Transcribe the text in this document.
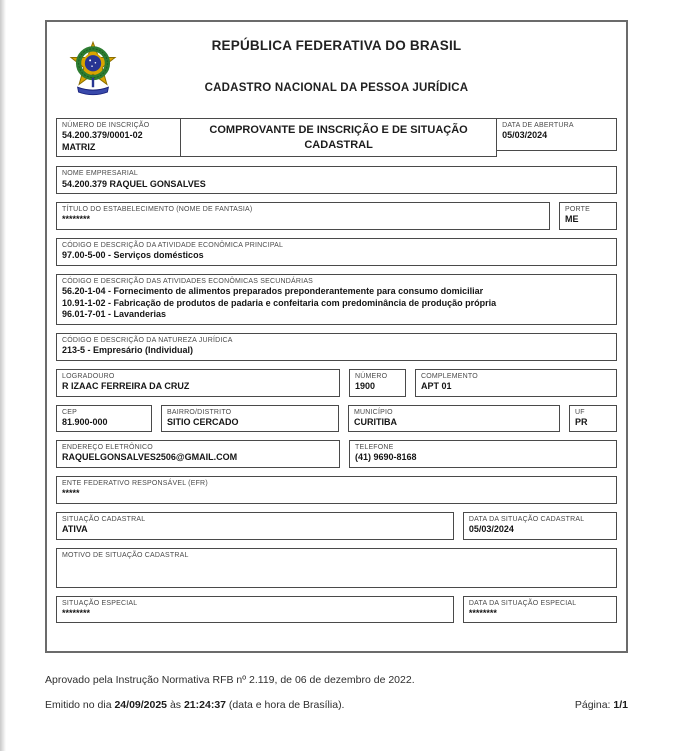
REPÚBLICA FEDERATIVA DO BRASIL
CADASTRO NACIONAL DA PESSOA JURÍDICA
NÚMERO DE INSCRIÇÃO
54.200.379/0001-02
MATRIZ
COMPROVANTE DE INSCRIÇÃO E DE SITUAÇÃO CADASTRAL
DATA DE ABERTURA
05/03/2024
NOME EMPRESARIAL
54.200.379 RAQUEL GONSALVES
TÍTULO DO ESTABELECIMENTO (NOME DE FANTASIA)
********
PORTE
ME
CÓDIGO E DESCRIÇÃO DA ATIVIDADE ECONÔMICA PRINCIPAL
97.00-5-00 - Serviços domésticos
CÓDIGO E DESCRIÇÃO DAS ATIVIDADES ECONÔMICAS SECUNDÁRIAS
56.20-1-04 - Fornecimento de alimentos preparados preponderantemente para consumo domiciliar
10.91-1-02 - Fabricação de produtos de padaria e confeitaria com predominância de produção própria
96.01-7-01 - Lavanderias
CÓDIGO E DESCRIÇÃO DA NATUREZA JURÍDICA
213-5 - Empresário (Individual)
LOGRADOURO
R IZAAC FERREIRA DA CRUZ
NÚMERO
1900
COMPLEMENTO
APT 01
CEP
81.900-000
BAIRRO/DISTRITO
SITIO CERCADO
MUNICÍPIO
CURITIBA
UF
PR
ENDEREÇO ELETRÔNICO
RAQUELGONSALVES2506@GMAIL.COM
TELEFONE
(41) 9690-8168
ENTE FEDERATIVO RESPONSÁVEL (EFR)
*****
SITUAÇÃO CADASTRAL
ATIVA
DATA DA SITUAÇÃO CADASTRAL
05/03/2024
MOTIVO DE SITUAÇÃO CADASTRAL
SITUAÇÃO ESPECIAL
********
DATA DA SITUAÇÃO ESPECIAL
********
Aprovado pela Instrução Normativa RFB nº 2.119, de 06 de dezembro de 2022.
Emitido no dia 24/09/2025 às 21:24:37 (data e hora de Brasília).	Página: 1/1
